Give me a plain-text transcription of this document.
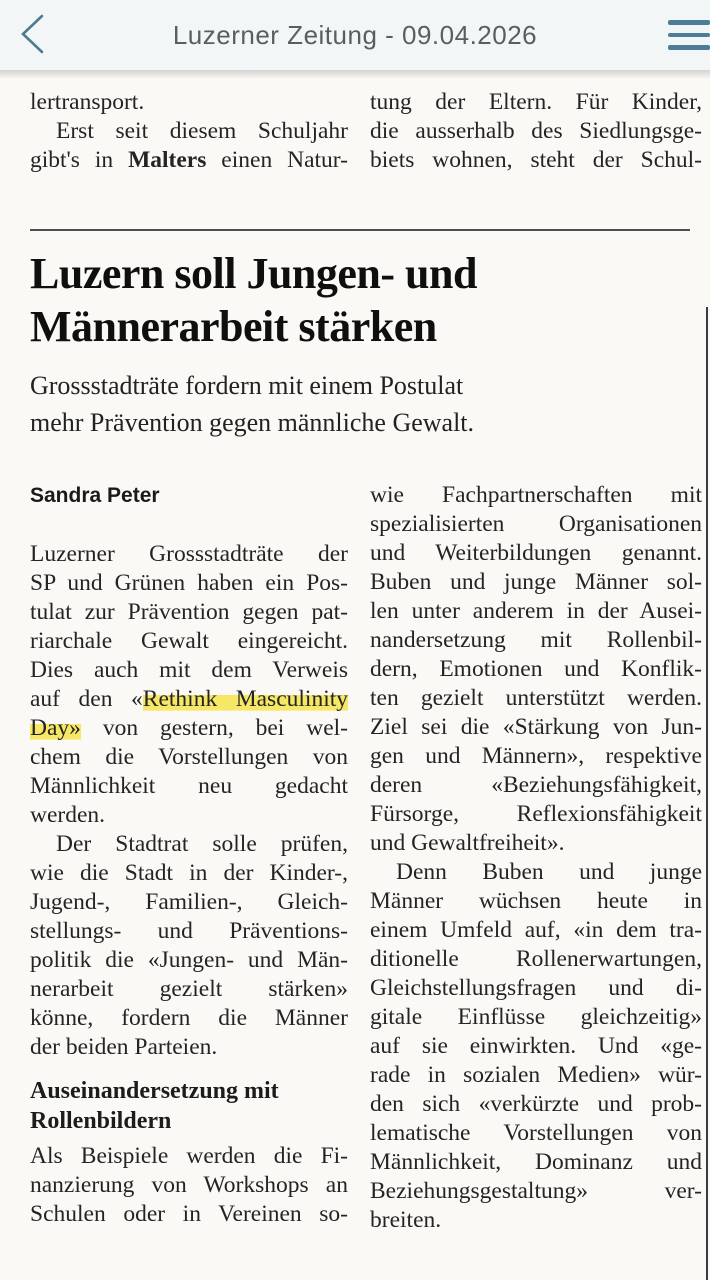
Luzerner Zeitung - 09.04.2026
lertransport.
Erst seit diesem Schuljahr
gibt's in Malters einen Natur-
tung der Eltern. Für Kinder,
die ausserhalb des Siedlungsge-
biets wohnen, steht der Schul-
Luzern soll Jungen- und
Männerarbeit stärken
Grossstadträte fordern mit einem Postulat
mehr Prävention gegen männliche Gewalt.
Sandra Peter
Luzerner Grossstadträte der
SP und Grünen haben ein Pos-
tulat zur Prävention gegen pat-
riarchale Gewalt eingereicht.
Dies auch mit dem Verweis
auf den «Rethink Masculinity
Day» von gestern, bei wel-
chem die Vorstellungen von
Männlichkeit neu gedacht
werden.
Der Stadtrat solle prüfen,
wie die Stadt in der Kinder-,
Jugend-, Familien-, Gleich-
stellungs- und Präventions-
politik die «Jungen- und Män-
nerarbeit gezielt stärken»
könne, fordern die Männer
der beiden Parteien.
Auseinandersetzung mit
Rollenbildern
Als Beispiele werden die Fi-
nanzierung von Workshops an
Schulen oder in Vereinen so-
wie Fachpartnerschaften mit
spezialisierten Organisationen
und Weiterbildungen genannt.
Buben und junge Männer sol-
len unter anderem in der Ausei-
nandersetzung mit Rollenbil-
dern, Emotionen und Konflik-
ten gezielt unterstützt werden.
Ziel sei die «Stärkung von Jun-
gen und Männern», respektive
deren «Beziehungsfähigkeit,
Fürsorge, Reflexionsfähigkeit
und Gewaltfreiheit».
Denn Buben und junge
Männer wüchsen heute in
einem Umfeld auf, «in dem tra-
ditionelle Rollenerwartungen,
Gleichstellungsfragen und di-
gitale Einflüsse gleichzeitig»
auf sie einwirkten. Und «ge-
rade in sozialen Medien» wür-
den sich «verkürzte und prob-
lematische Vorstellungen von
Männlichkeit, Dominanz und
Beziehungsgestaltung» ver-
breiten.
